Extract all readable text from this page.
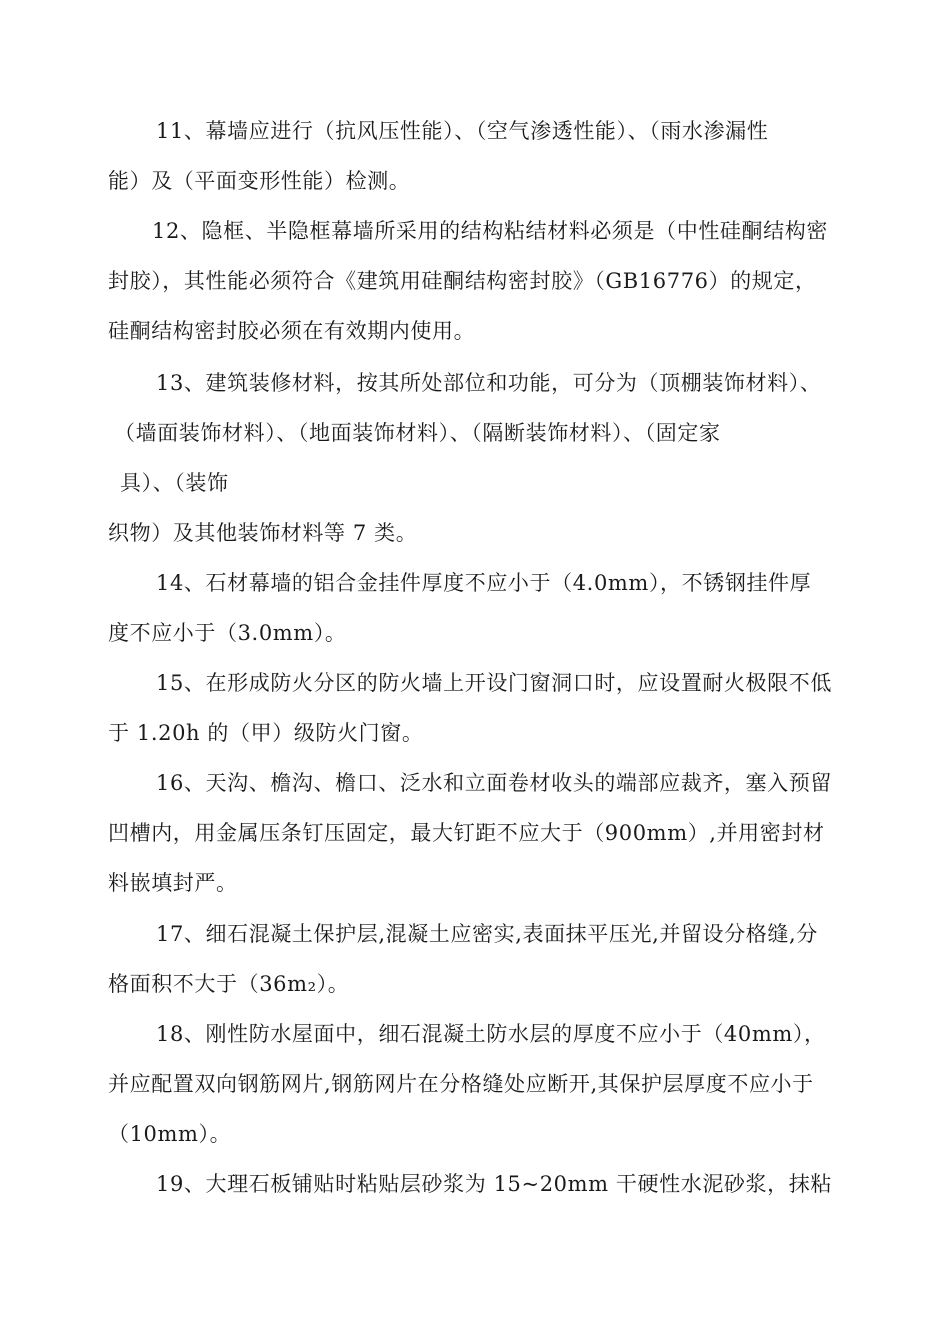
11、幕墙应进行（抗风压性能）、（空气渗透性能）、（雨水渗漏性
能）及（平面变形性能）检测。
12、隐框、半隐框幕墙所采用的结构粘结材料必须是（中性硅酮结构密
封胶），其性能必须符合《建筑用硅酮结构密封胶》（GB16776）的规定，
硅酮结构密封胶必须在有效期内使用。
13、建筑装修材料，按其所处部位和功能，可分为（顶棚装饰材料）、
（墙面装饰材料）、（地面装饰材料）、（隔断装饰材料）、（固定家
具）、（装饰
织物）及其他装饰材料等 7 类。
14、石材幕墙的铝合金挂件厚度不应小于（4.0mm），不锈钢挂件厚
度不应小于（3.0mm）。
15、在形成防火分区的防火墙上开设门窗洞口时，应设置耐火极限不低
于 1.20h 的（甲）级防火门窗。
16、天沟、檐沟、檐口、泛水和立面卷材收头的端部应裁齐，塞入预留
凹槽内，用金属压条钉压固定，最大钉距不应大于（900mm）,并用密封材
料嵌填封严。
17、细石混凝土保护层,混凝土应密实,表面抹平压光,并留设分格缝,分
格面积不大于（36m₂）。
18、刚性防水屋面中，细石混凝土防水层的厚度不应小于（40mm），
并应配置双向钢筋网片,钢筋网片在分格缝处应断开,其保护层厚度不应小于
（10mm）。
19、大理石板铺贴时粘贴层砂浆为 15~20mm 干硬性水泥砂浆，抹粘
